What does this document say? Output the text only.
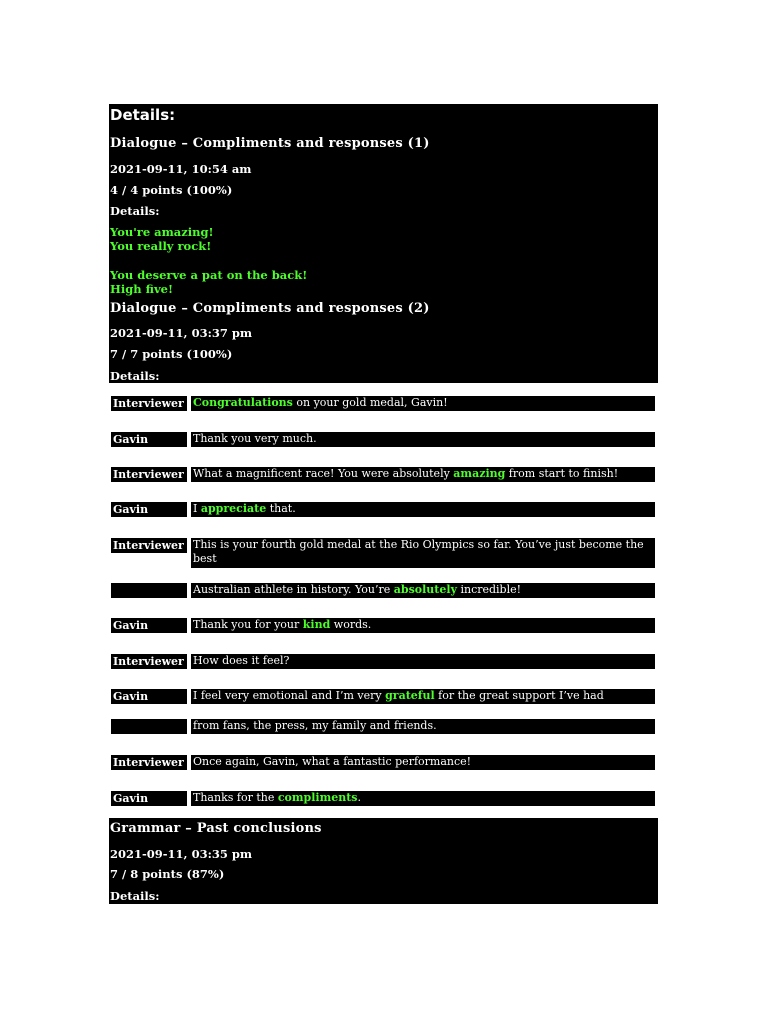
Details:
Dialogue – Compliments and responses (1)
2021-09-11, 10:54 am
4 / 4 points (100%)
Details:
You're amazing!
You really rock!
You deserve a pat on the back!
High five!
Dialogue – Compliments and responses (2)
2021-09-11, 03:37 pm
7 / 7 points (100%)
Details:
Interviewer Congratulations on your gold medal, Gavin!
Gavin	Thank you very much.
Interviewer What a magnificent race! You were absolutely amazing from start to finish!
Gavin	I appreciate that.
Interviewer This is your fourth gold medal at the Rio Olympics so far. You’ve just become the best
Australian athlete in history. You’re absolutely incredible!
Gavin	Thank you for your kind words.
Interviewer How does it feel?
Gavin	I feel very emotional and I’m very grateful for the great support I’ve had
from fans, the press, my family and friends.
Interviewer Once again, Gavin, what a fantastic performance!
Gavin	Thanks for the compliments.
Grammar – Past conclusions
2021-09-11, 03:35 pm
7 / 8 points (87%)
Details:
